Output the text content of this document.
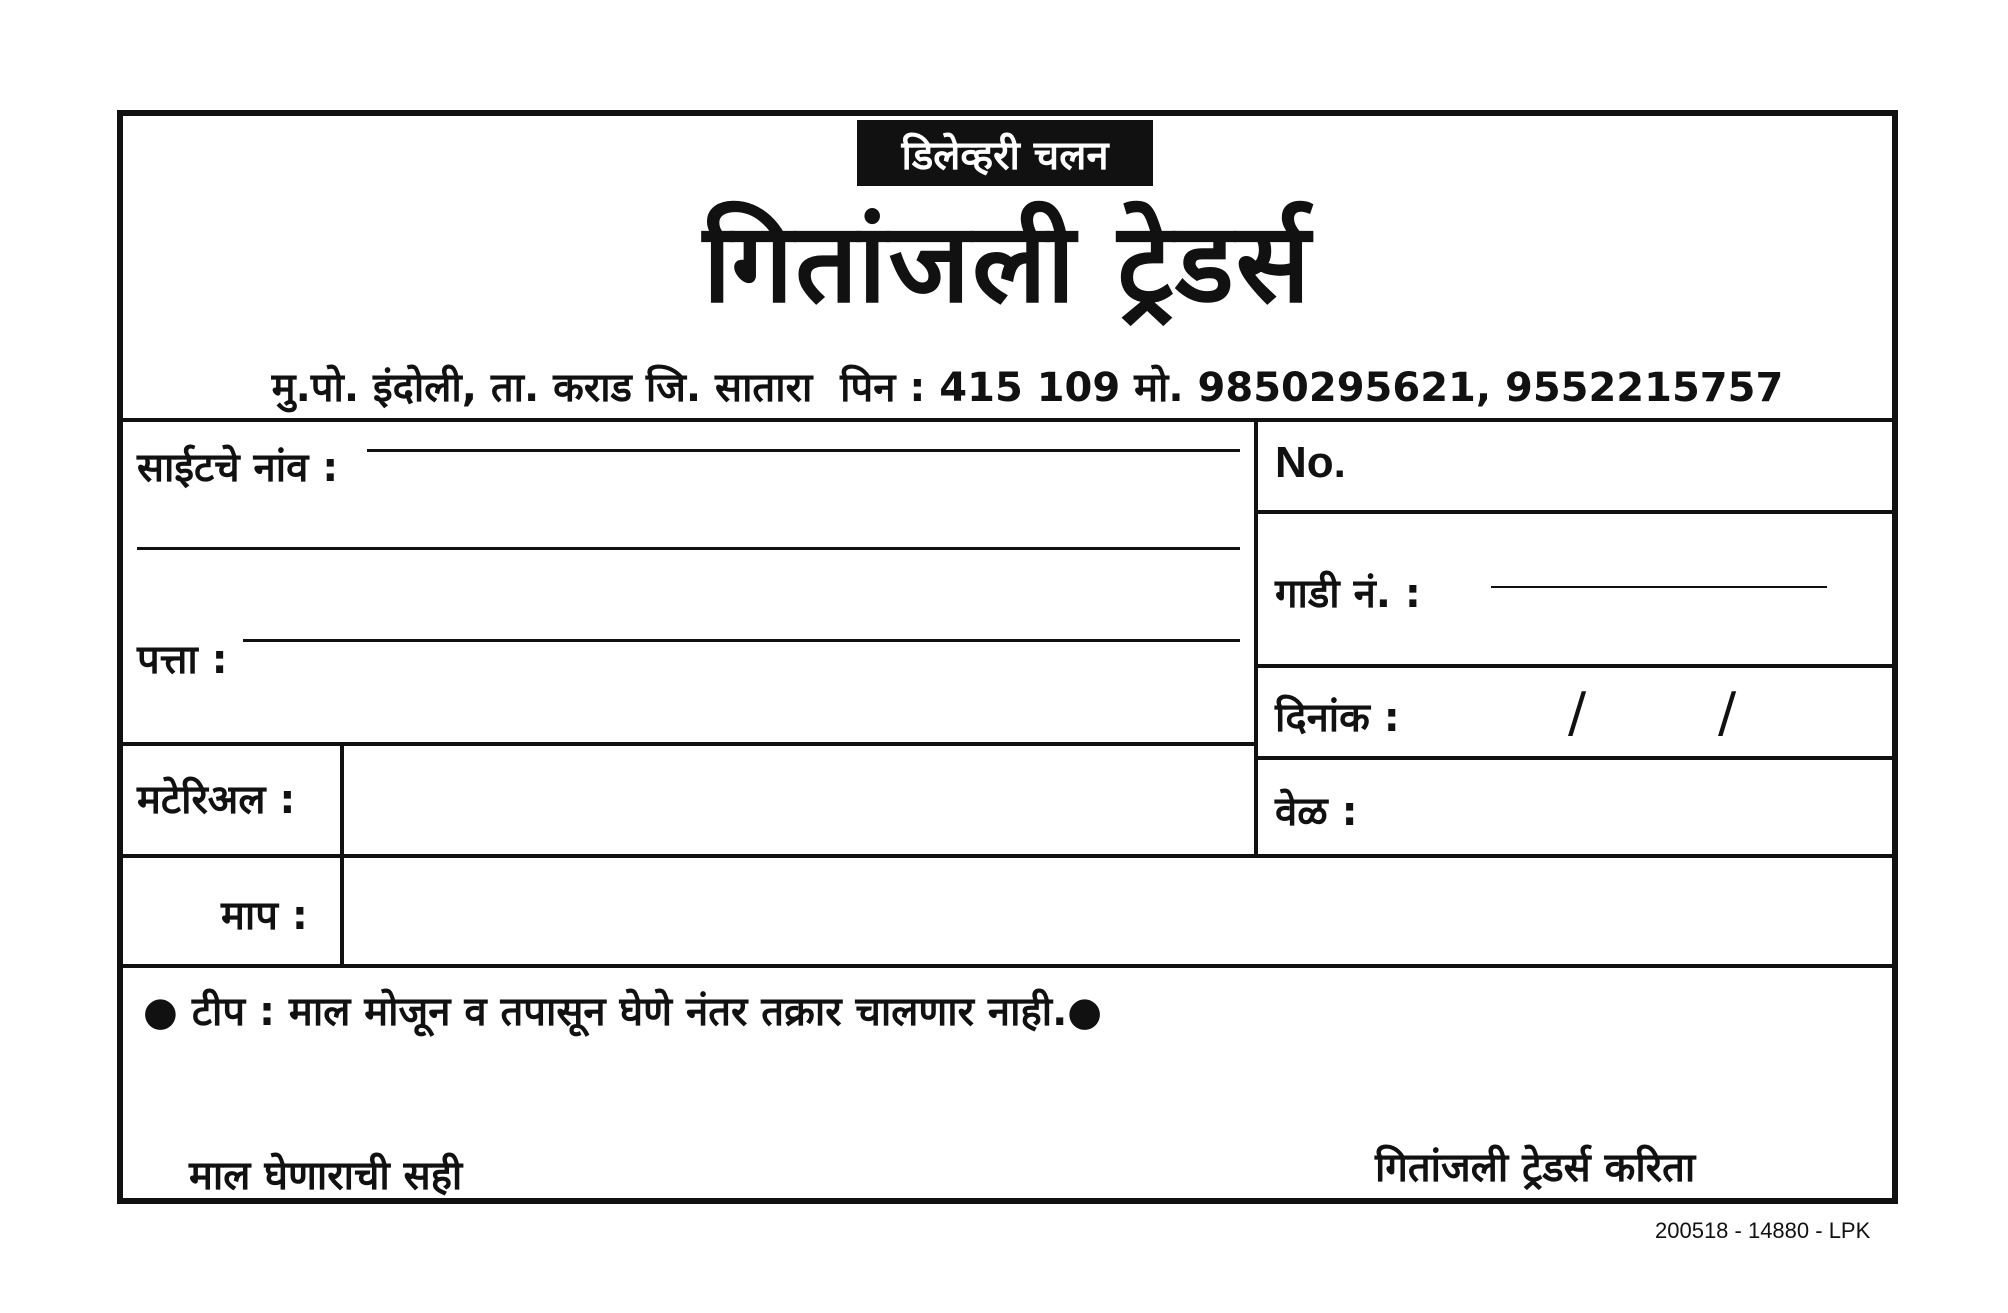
डिलेव्हरी चलन
गितांजली ट्रेडर्स
मु.पो. इंदोली, ता. कराड जि. सातारा  पिन : 415 109 मो. 9850295621, 9552215757
साईटचे नांव :
पत्ता :
मटेरिअल :
माप :
No.
गाडी नं. :
दिनांक :	/ /
वेळ :
● टीप : माल मोजून व तपासून घेणे नंतर तक्रार चालणार नाही.●
माल घेणाराची सही	गितांजली ट्रेडर्स करिता
200518 - 14880 - LPK
